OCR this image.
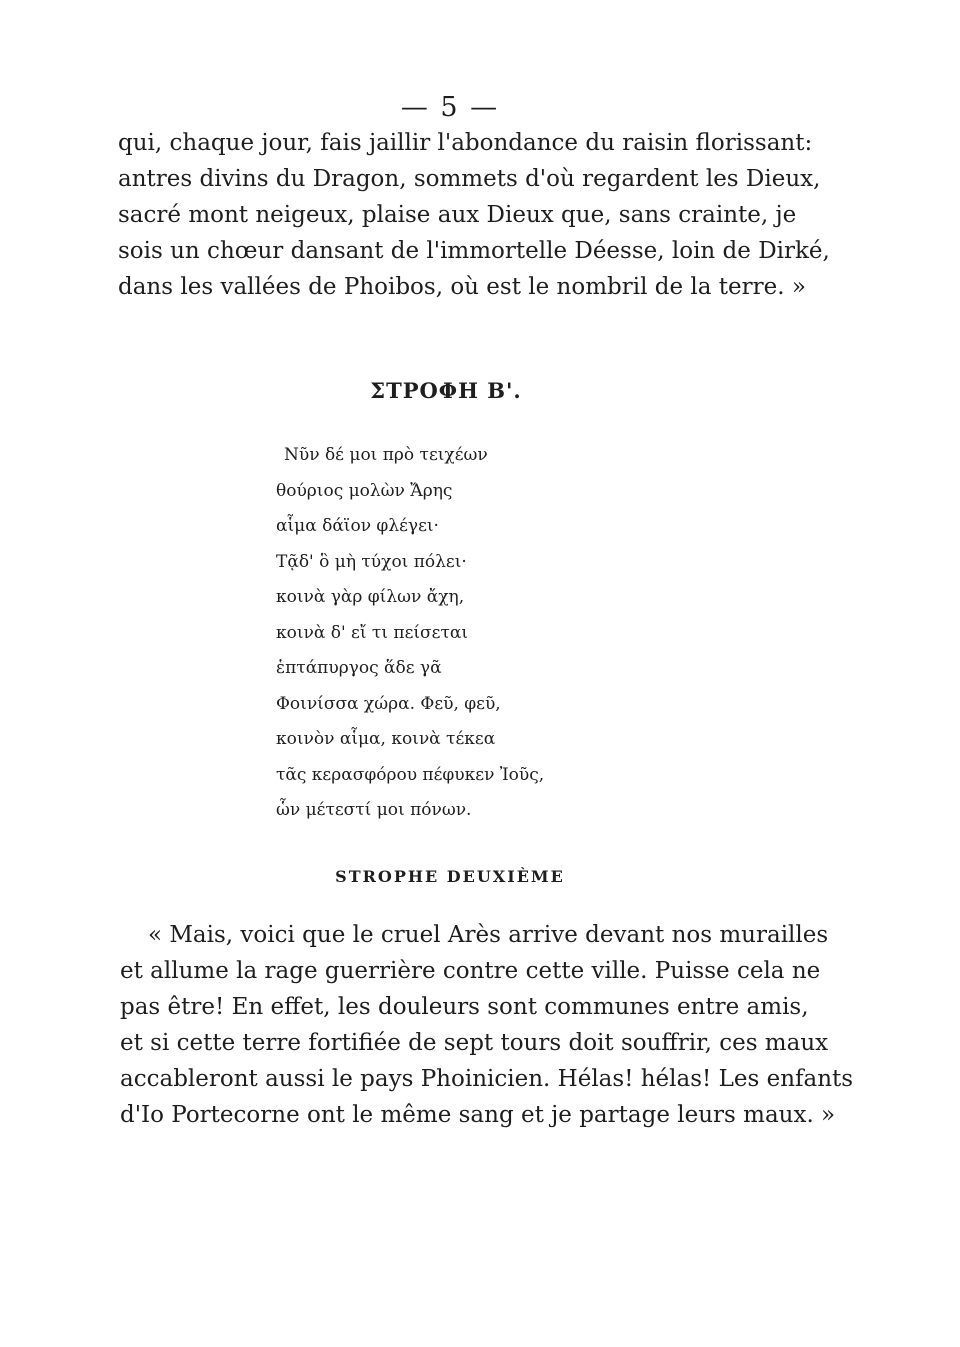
— 5 —

qui, chaque jour, fais jaillir l'abondance du raisin florissant:
antres divins du Dragon, sommets d'où regardent les Dieux,
sacré mont neigeux, plaise aux Dieux que, sans crainte, je
sois un chœur dansant de l'immortelle Déesse, loin de Dirké,
dans les vallées de Phoibos, où est le nombril de la terre. »

ΣΤΡΟΦΗ Β'.
Νῦν δέ μοι πρὸ τειχέων
θούριος μολὼν Ἄρης
αἷμα δάϊον φλέγει·
Τᾷδ' ὃ μὴ τύχοι πόλει·
κοινὰ γὰρ φίλων ἄχη,
κοινὰ δ' εἴ τι πείσεται
ἑπτάπυργος ἅδε γᾶ
Φοινίσσα χώρα. Φεῦ, φεῦ,
κοινὸν αἷμα, κοινὰ τέκεα
τᾶς κερασφόρου πέφυκεν Ἰοῦς,
ὧν μέτεστί μοι πόνων.
STROPHE DEUXIÈME

« Mais, voici que le cruel Arès arrive devant nos murailles
et allume la rage guerrière contre cette ville. Puisse cela ne
pas être! En effet, les douleurs sont communes entre amis,
et si cette terre fortifiée de sept tours doit souffrir, ces maux
accableront aussi le pays Phoinicien. Hélas! hélas! Les enfants
d'Io Portecorne ont le même sang et je partage leurs maux. »
